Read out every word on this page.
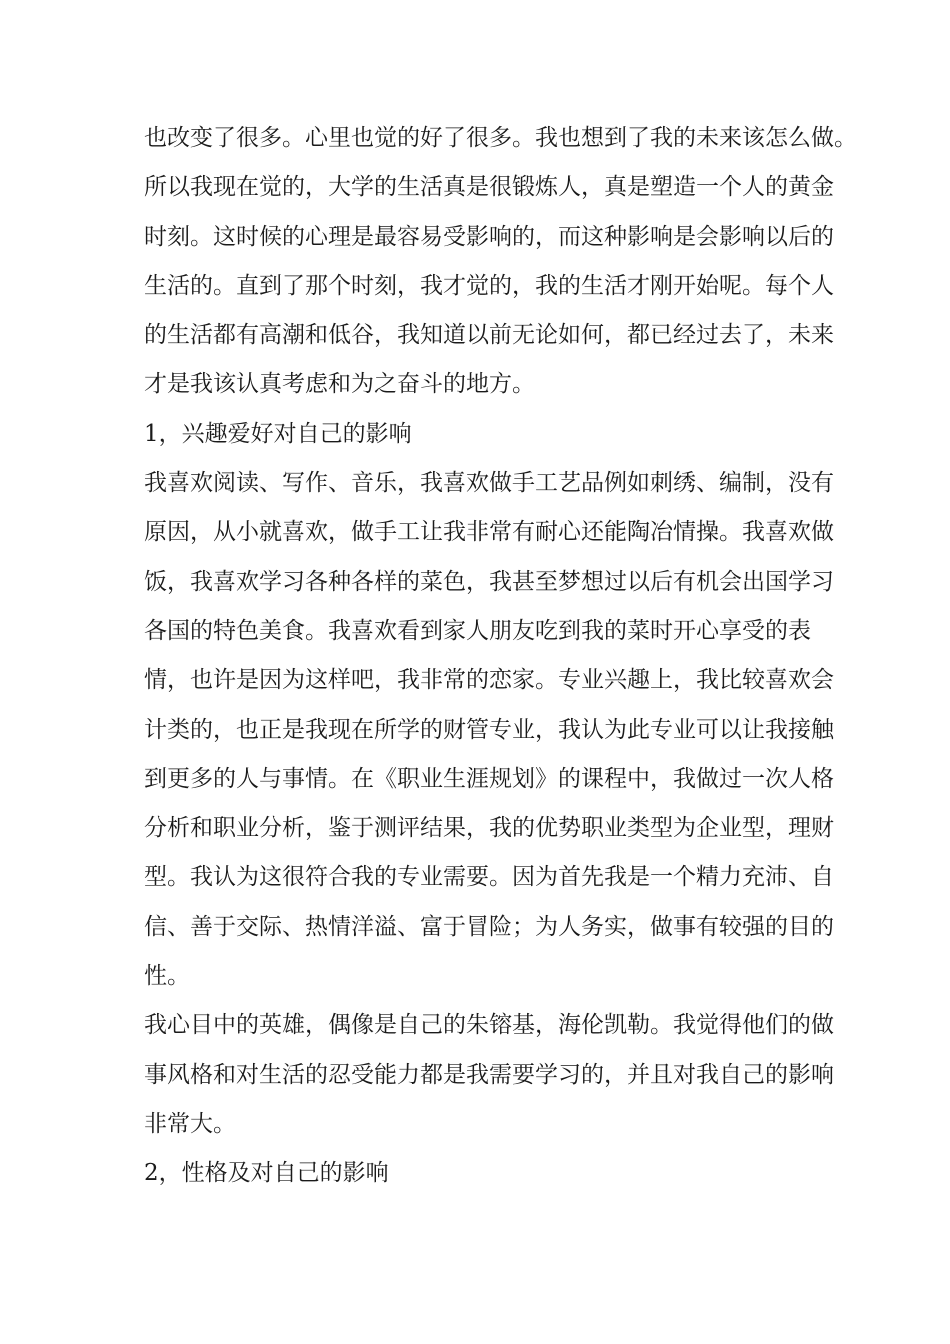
也改变了很多。心里也觉的好了很多。我也想到了我的未来该怎么做。
所以我现在觉的，大学的生活真是很锻炼人，真是塑造一个人的黄金
时刻。这时候的心理是最容易受影响的，而这种影响是会影响以后的
生活的。直到了那个时刻，我才觉的，我的生活才刚开始呢。每个人
的生活都有高潮和低谷，我知道以前无论如何，都已经过去了，未来
才是我该认真考虑和为之奋斗的地方。
1，兴趣爱好对自己的影响
我喜欢阅读、写作、音乐，我喜欢做手工艺品例如刺绣、编制，没有
原因，从小就喜欢，做手工让我非常有耐心还能陶冶情操。我喜欢做
饭，我喜欢学习各种各样的菜色，我甚至梦想过以后有机会出国学习
各国的特色美食。我喜欢看到家人朋友吃到我的菜时开心享受的表
情，也许是因为这样吧，我非常的恋家。专业兴趣上，我比较喜欢会
计类的，也正是我现在所学的财管专业，我认为此专业可以让我接触
到更多的人与事情。在《职业生涯规划》的课程中，我做过一次人格
分析和职业分析，鉴于测评结果，我的优势职业类型为企业型，理财
型。我认为这很符合我的专业需要。因为首先我是一个精力充沛、自
信、善于交际、热情洋溢、富于冒险；为人务实，做事有较强的目的
性。
我心目中的英雄，偶像是自己的朱镕基，海伦凯勒。我觉得他们的做
事风格和对生活的忍受能力都是我需要学习的，并且对我自己的影响
非常大。
2，性格及对自己的影响
